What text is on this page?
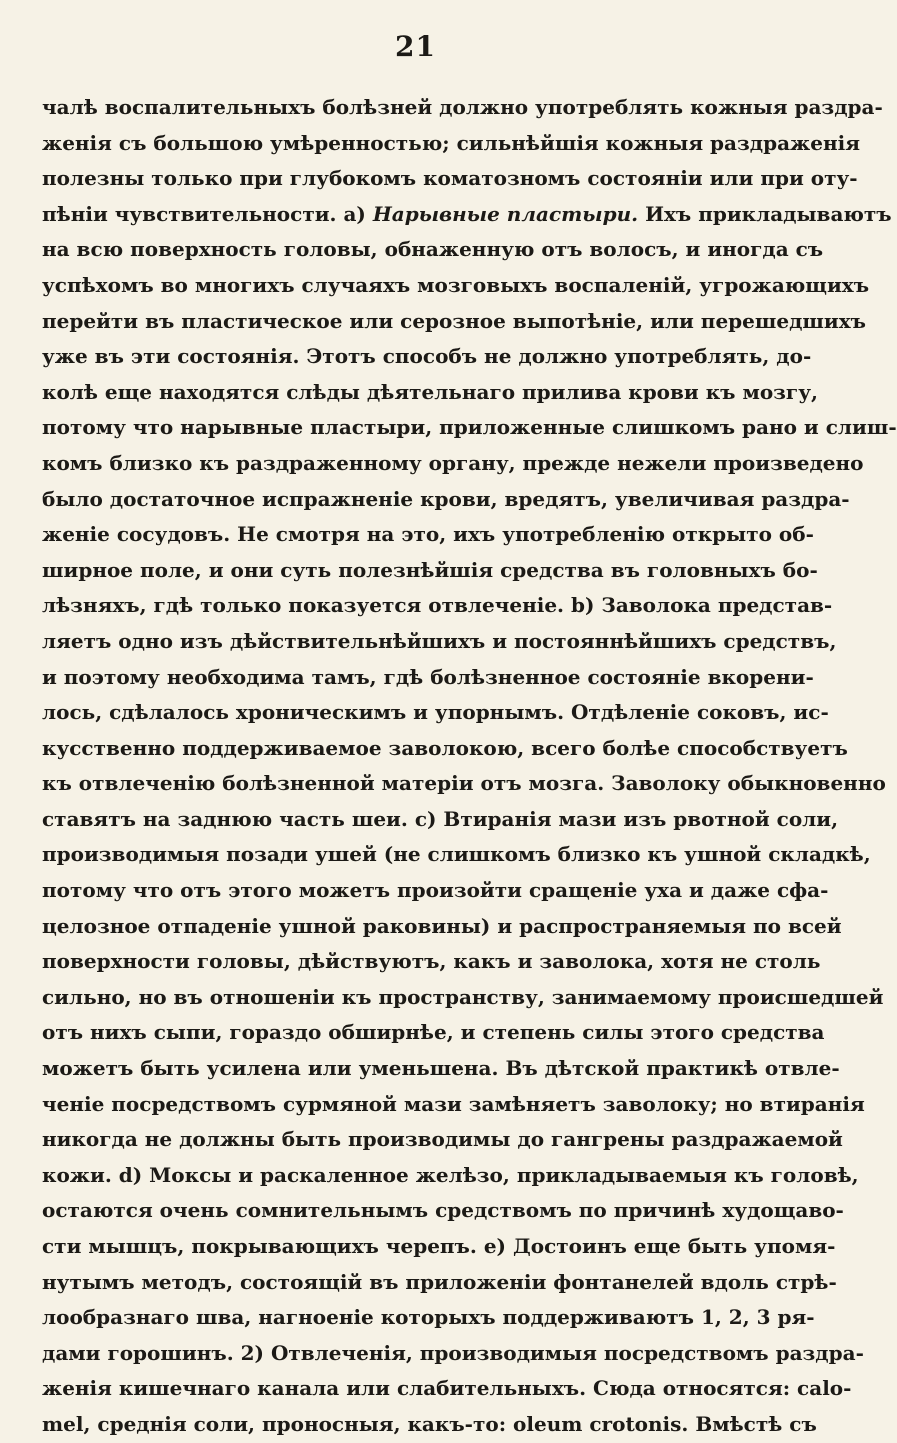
21
чалѣ воспалительныхъ болѣзней должно употреблять кожныя раздра-
женія съ большою умѣренностью; сильнѣйшія кожныя раздраженія
полезны только при глубокомъ коматозномъ состояніи или при оту-
пѣніи чувствительности. a) Нарывные пластыри. Ихъ прикладываютъ
на всю поверхность головы, обнаженную отъ волосъ, и иногда съ
успѣхомъ во многихъ случаяхъ мозговыхъ воспаленій, угрожающихъ
перейти въ пластическое или серозное выпотѣніе, или перешедшихъ
уже въ эти состоянія. Этотъ способъ не должно употреблять, до-
колѣ еще находятся слѣды дѣятельнаго прилива крови къ мозгу,
потому что нарывные пластыри, приложенные слишкомъ рано и слиш-
комъ близко къ раздраженному органу, прежде нежели произведено
было достаточное испражненіе крови, вредятъ, увеличивая раздра-
женіе сосудовъ. Не смотря на это, ихъ употребленію открыто об-
ширное поле, и они суть полезнѣйшія средства въ головныхъ бо-
лѣзняхъ, гдѣ только показуется отвлеченіе. b) Заволока представ-
ляетъ одно изъ дѣйствительнѣйшихъ и постояннѣйшихъ средствъ,
и поэтому необходима тамъ, гдѣ болѣзненное состояніе вкорени-
лось, сдѣлалось хроническимъ и упорнымъ. Отдѣленіе соковъ, ис-
кусственно поддерживаемое заволокою, всего болѣе способствуетъ
къ отвлеченію болѣзненной матеріи отъ мозга. Заволоку обыкновенно
ставятъ на заднюю часть шеи. c) Втиранія мази изъ рвотной соли,
производимыя позади ушей (не слишкомъ близко къ ушной складкѣ,
потому что отъ этого можетъ произойти сращеніе уха и даже сфа-
целозное отпаденіе ушной раковины) и распространяемыя по всей
поверхности головы, дѣйствуютъ, какъ и заволока, хотя не столь
сильно, но въ отношеніи къ пространству, занимаемому происшедшей
отъ нихъ сыпи, гораздо обширнѣе, и степень силы этого средства
можетъ быть усилена или уменьшена. Въ дѣтской практикѣ отвле-
ченіе посредствомъ сурмяной мази замѣняетъ заволоку; но втиранія
никогда не должны быть производимы до гангрены раздражаемой
кожи. d) Моксы и раскаленное желѣзо, прикладываемыя къ головѣ,
остаются очень сомнительнымъ средствомъ по причинѣ худощаво-
сти мышцъ, покрывающихъ черепъ. e) Достоинъ еще быть упомя-
нутымъ методъ, состоящій въ приложеніи фонтанелей вдоль стрѣ-
лообразнаго шва, нагноеніе которыхъ поддерживаютъ 1, 2, 3 ря-
дами горошинъ. 2) Отвлеченія, производимыя посредствомъ раздра-
женія кишечнаго канала или слабительныхъ. Сюда относятся: calo-
mel, среднія соли, проносныя, какъ-то: oleum crotonis. Вмѣстѣ съ
